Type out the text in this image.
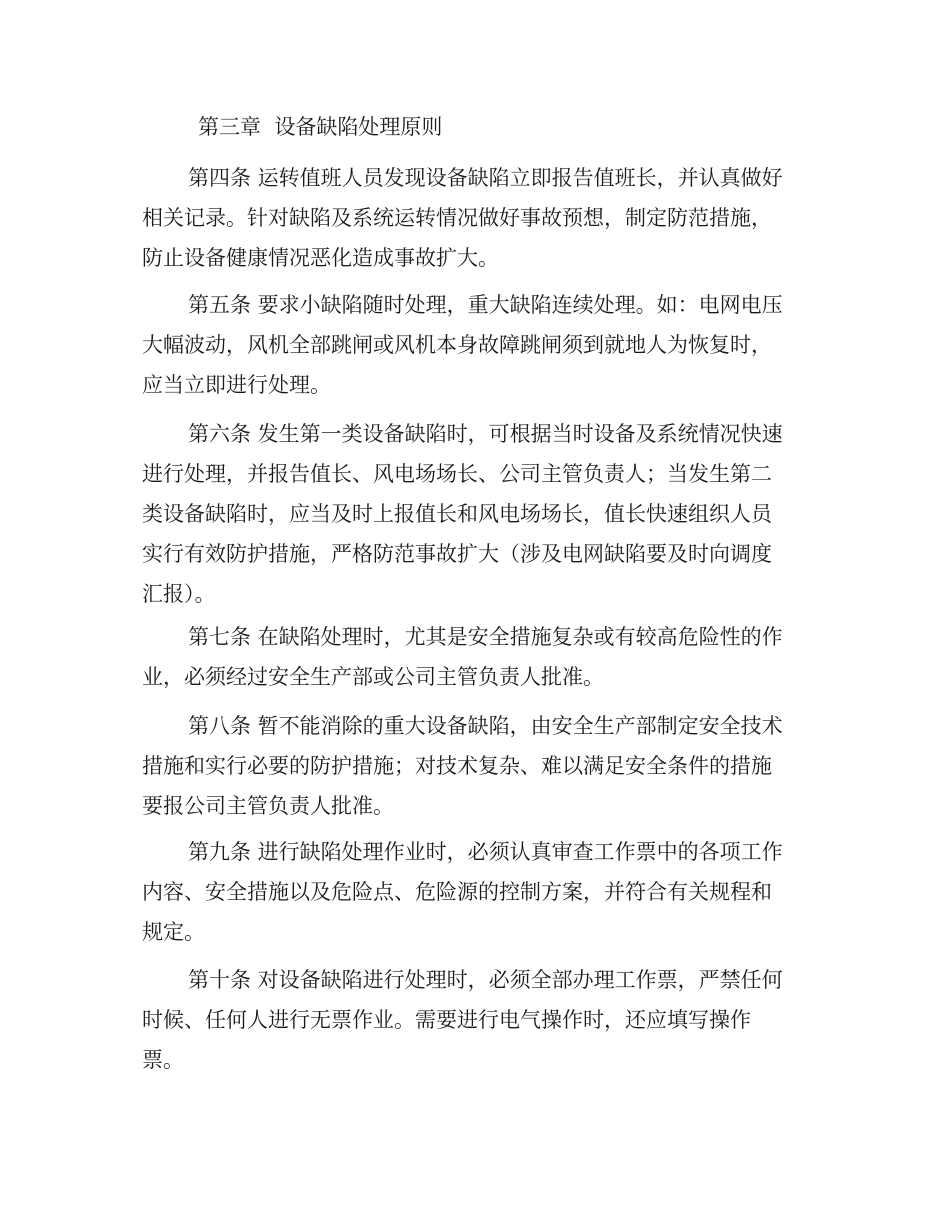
第三章  设备缺陷处理原则
第四条 运转值班人员发现设备缺陷立即报告值班长，并认真做好
相关记录。针对缺陷及系统运转情况做好事故预想，制定防范措施，
防止设备健康情况恶化造成事故扩大。
第五条 要求小缺陷随时处理，重大缺陷连续处理。如：电网电压
大幅波动，风机全部跳闸或风机本身故障跳闸须到就地人为恢复时，
应当立即进行处理。
第六条 发生第一类设备缺陷时，可根据当时设备及系统情况快速
进行处理，并报告值长、风电场场长、公司主管负责人；当发生第二
类设备缺陷时，应当及时上报值长和风电场场长，值长快速组织人员
实行有效防护措施，严格防范事故扩大（涉及电网缺陷要及时向调度
汇报）。
第七条 在缺陷处理时，尤其是安全措施复杂或有较高危险性的作
业，必须经过安全生产部或公司主管负责人批准。
第八条 暂不能消除的重大设备缺陷，由安全生产部制定安全技术
措施和实行必要的防护措施；对技术复杂、难以满足安全条件的措施
要报公司主管负责人批准。
第九条 进行缺陷处理作业时，必须认真审查工作票中的各项工作
内容、安全措施以及危险点、危险源的控制方案，并符合有关规程和
规定。
第十条 对设备缺陷进行处理时，必须全部办理工作票，严禁任何
时候、任何人进行无票作业。需要进行电气操作时，还应填写操作
票。
